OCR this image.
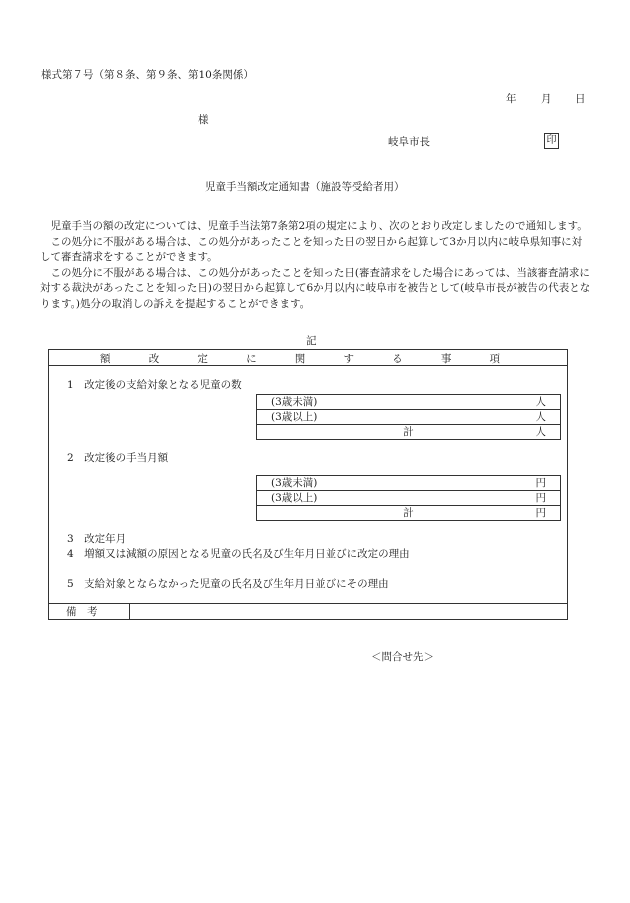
様式第７号（第８条、第９条、第10条関係）
年 月 日
様
岐阜市長	印
児童手当額改定通知書（施設等受給者用）

児童手当の額の改定については、児童手当法第7条第2項の規定により、次のとおり改定しましたので通知します。

この処分に不服がある場合は、この処分があったことを知った日の翌日から起算して3か月以内に岐阜県知事に対して審査請求をすることができます。

この処分に不服がある場合は、この処分があったことを知った日(審査請求をした場合にあっては、当該審査請求に対する裁決があったことを知った日)の翌日から起算して6か月以内に岐阜市を被告として(岐阜市長が被告の代表となります。)処分の取消しの訴えを提起することができます。

記
額	改	定	に	関	す	る	事	項
1　改定後の支給対象となる児童の数
(3歳未満)	人
(3歳以上)	人
計	人
2　改定後の手当月額
(3歳未満)	円
(3歳以上)	円
計	円
3　改定年月
4　増額又は減額の原因となる児童の氏名及び生年月日並びに改定の理由
5　支給対象とならなかった児童の氏名及び生年月日並びにその理由
備　考
＜問合せ先＞
